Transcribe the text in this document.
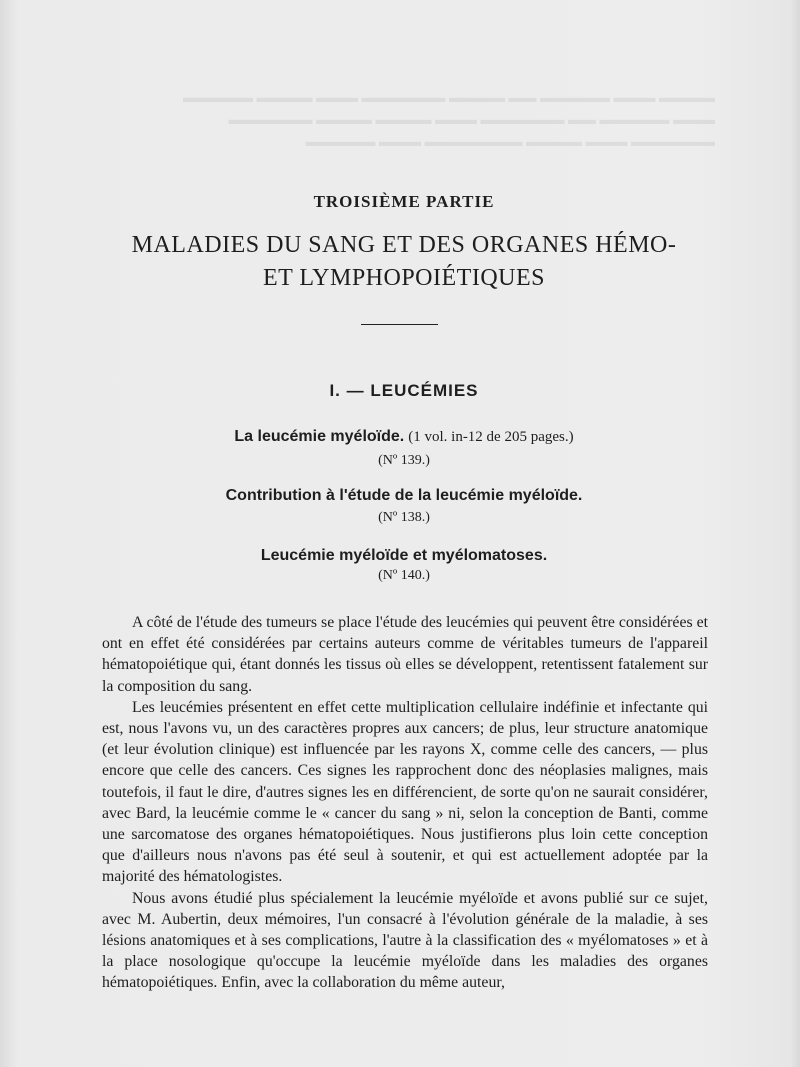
▬▬▬▬ ▬▬▬ ▬▬▬▬▬ ▬▬ ▬▬▬▬ ▬▬▬▬▬▬ ▬▬▬ ▬▬▬▬ ▬▬▬▬▬
▬▬▬ ▬▬▬▬▬ ▬▬ ▬▬▬▬▬▬ ▬▬▬ ▬▬▬▬ ▬▬▬▬ ▬▬▬▬▬▬
▬▬▬▬▬▬ ▬▬▬ ▬▬▬▬ ▬▬▬▬▬▬▬ ▬▬▬ ▬▬▬▬▬
TROISIÈME PARTIE
MALADIES DU SANG ET DES ORGANES HÉMO-
ET LYMPHOPOIÉTIQUES
I. — LEUCÉMIES
La leucémie myéloïde. (1 vol. in-12 de 205 pages.)
(Nº 139.)
Contribution à l'étude de la leucémie myéloïde.
(Nº 138.)
Leucémie myéloïde et myélomatoses.
(Nº 140.)

A côté de l'étude des tumeurs se place l'étude des leucémies qui peuvent être considérées et ont en effet été considérées par certains auteurs comme de véritables tumeurs de l'appareil hématopoiétique qui, étant donnés les tissus où elles se développent, retentissent fatalement sur la composition du sang.

Les leucémies présentent en effet cette multiplication cellulaire indéfinie et infectante qui est, nous l'avons vu, un des caractères propres aux cancers; de plus, leur structure anatomique (et leur évolution clinique) est influencée par les rayons X, comme celle des cancers, — plus encore que celle des cancers. Ces signes les rapprochent donc des néoplasies malignes, mais toutefois, il faut le dire, d'autres signes les en différencient, de sorte qu'on ne saurait considérer, avec Bard, la leucémie comme le « cancer du sang » ni, selon la conception de Banti, comme une sarcomatose des organes hématopoiétiques. Nous justifierons plus loin cette conception que d'ailleurs nous n'avons pas été seul à soutenir, et qui est actuellement adoptée par la majorité des hématologistes.

Nous avons étudié plus spécialement la leucémie myéloïde et avons publié sur ce sujet, avec M. Aubertin, deux mémoires, l'un consacré à l'évolution générale de la maladie, à ses lésions anatomiques et à ses complications, l'autre à la classification des « myélomatoses » et à la place nosologique qu'occupe la leucémie myéloïde dans les maladies des organes hématopoiétiques. Enfin, avec la collaboration du même auteur,
